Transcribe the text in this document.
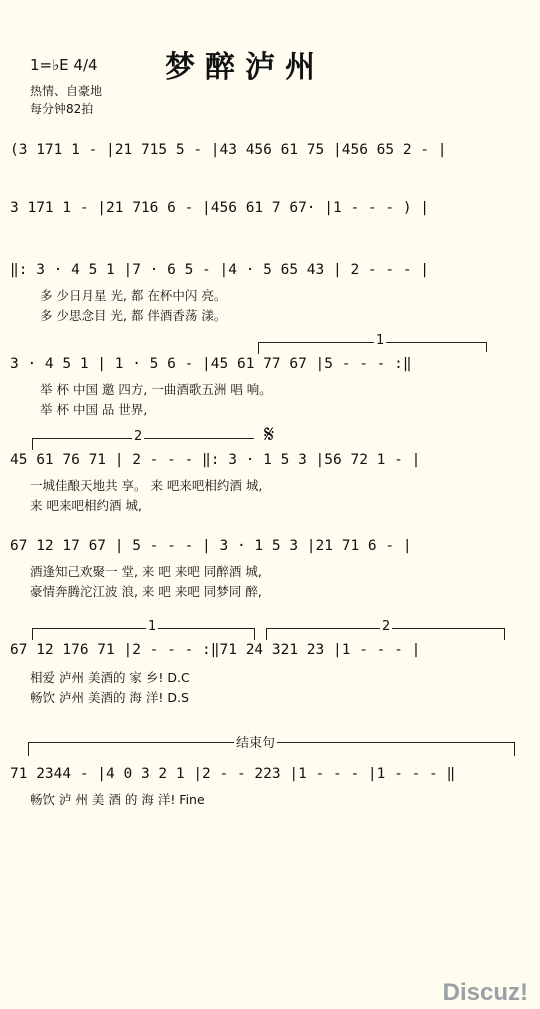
1=♭E 4/4 梦醉泸州
热情、自豪地
每分钟82拍
(3 171 1 - |21 715 5 - |43 456 61 75 |456 65 2 - |
3 171 1 - |21 716 6 - |456 61 7 67· |1 - - - ) |
‖: 3 · 4 5 1 |7 · 6 5 - |4 · 5 65 43 | 2 - - - |
多 少日月星 光, 都 在杯中闪 亮。
多 少思念目 光, 都 伴酒香荡 漾。
1
3 · 4 5 1 | 1 · 5 6 - |45 61 77 67 |5 - - - :‖
举 杯 中国 邀 四方, 一曲酒歌五洲 唱 响。
举 杯 中国 品 世界,
2	𝄋
45 61 76 71 | 2 - - - ‖: 3 · 1 5 3 |56 72 1 - |
一城佳酿天地共 享。 来 吧来吧相约酒 城,
来 吧来吧相约酒 城,
67 12 17 67 | 5 - - - | 3 · 1 5 3 |21 71 6 - |
酒逢知己欢聚一 堂, 来 吧 来吧 同醉酒 城,
豪情奔腾沱江波 浪, 来 吧 来吧 同梦同 醉,
1	2
67 12 176 71 |2 - - - :‖71 24 321 23 |1 - - - |
相爱 泸州 美酒的 家 乡! D.C
畅饮 泸州 美酒的 海 洋! D.S
结束句
71 2344 - |4 0 3 2 1 |2 - - 223 |1 - - - |1 - - - ‖
畅饮 泸 州 美 酒 的 海 洋! Fine
Discuz!
